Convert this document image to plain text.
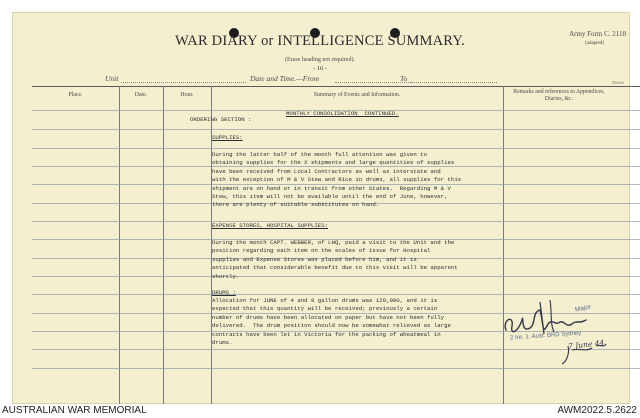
WAR DIARY or INTELLIGENCE SUMMARY.
(Erase heading not required).
- 16 -
Army Form C. 2118
(adapted)
Unit	Date and Time.—From	To	Delete
Place.	Date.	Hour.	Summary of Events and Information.	Remarks and references to Appendices, Diaries, &c.
ORDERING SECTION :
MONTHLY CONSOLIDATION  CONTINUED.
SUPPLIES:
During the latter half of the month full attention was given to
obtaining supplies for the X shipments and large quantities of supplies
have been received from Local Contractors as well as interstate and
with the exception of M & V Stew and Rice in drums, all supplies for this
shipment are on hand or in transit from other States.  Regarding M & V
Stew, this item will not be available until the end of June, however,
there are plenty of suitable substitutes on hand.
EXPENSE STORES, HOSPITAL SUPPLIES:
During the month CAPT. WEBBER, of LHQ, paid a visit to the Unit and the
position regarding each item on the scales of issue for Hospital
supplies and Expense Stores was placed before him, and it is
anticipated that considerable benefit due to this visit will be apparent
shortly.
DRUMS :
Allocation for JUNE of 4 and 8 gallon drums was 120,000, and it is
expected that this quantity will be received; previously a certain
number of drums have been allocated on paper but have not been fully
delivered.  The drum position should now be somewhat relieved as large
contracts have been let in Victoria for the packing of wheatmeal in
drums.
Major
2 Ire. 1. Aust. BRD Sydney
7 June 44
AUSTRALIAN WAR MEMORIAL	AWM2022.5.2622
